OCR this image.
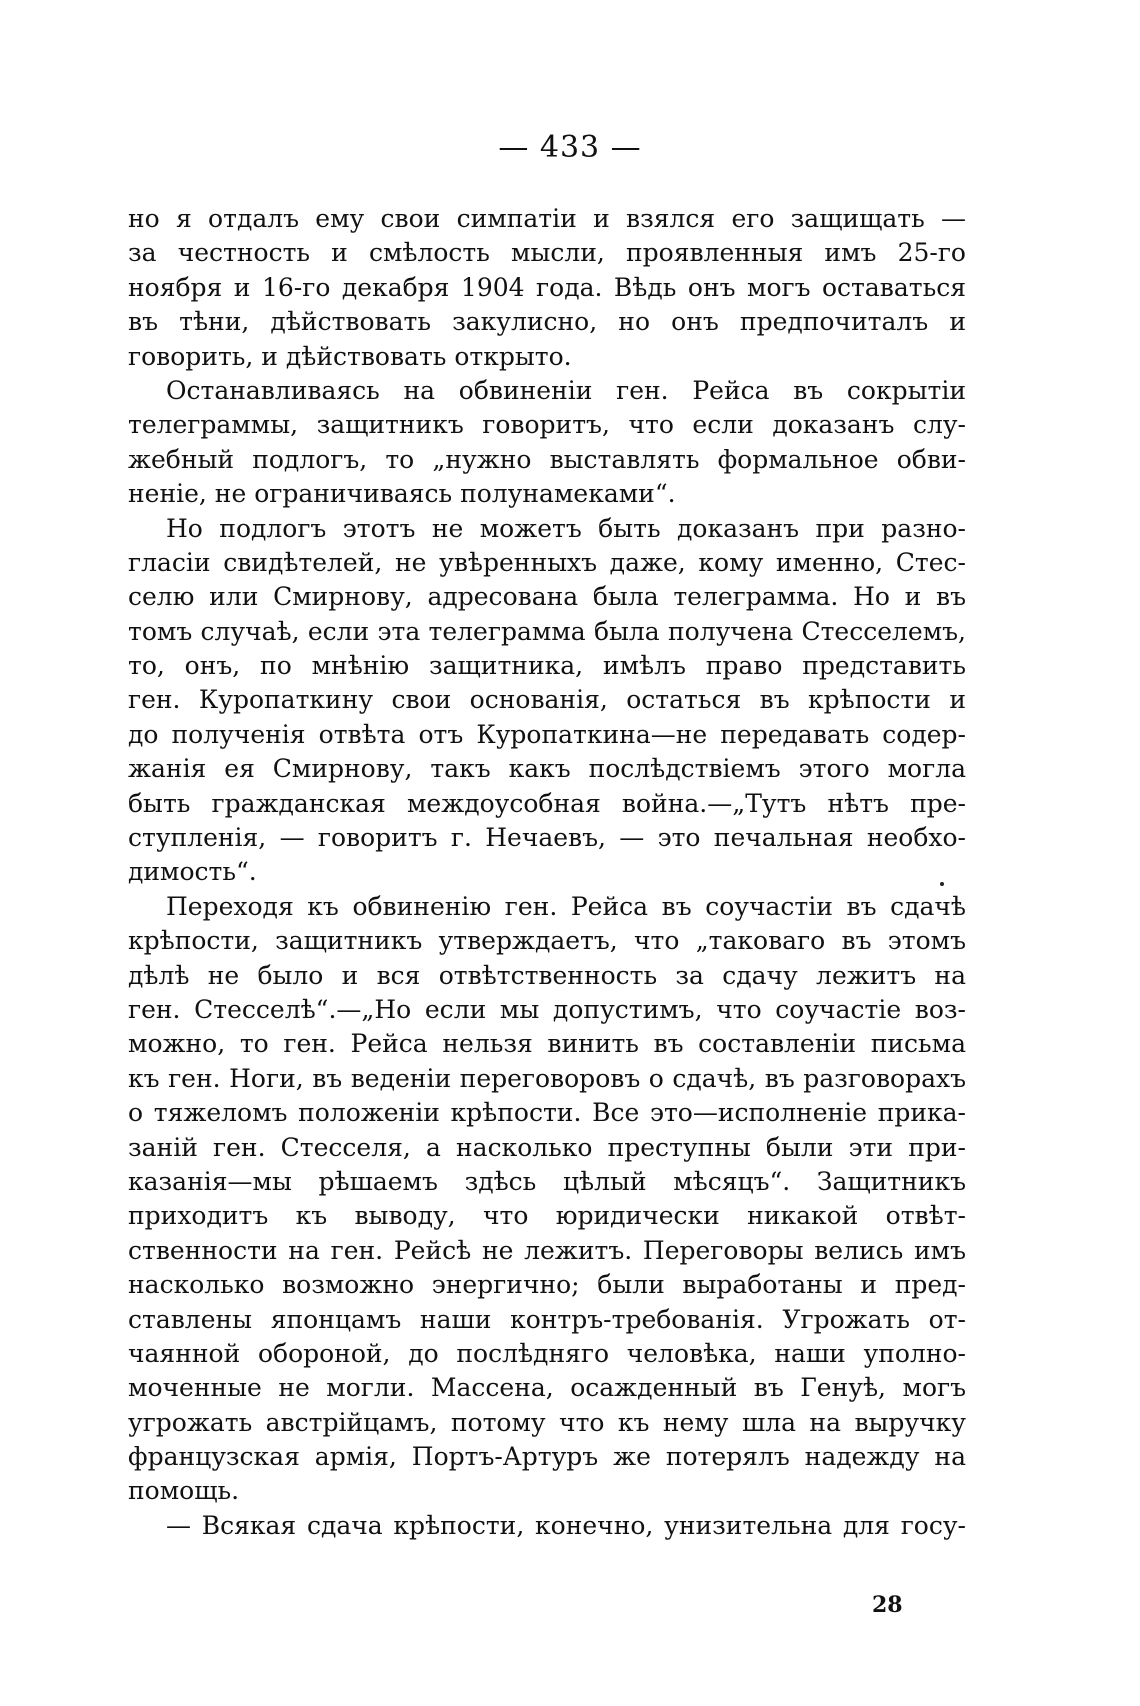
— 433 —
но я отдалъ ему свои симпатіи и взялся его защищать —
за честность и смѣлость мысли, проявленныя имъ 25-го
ноября и 16-го декабря 1904 года. Вѣдь онъ могъ оставаться
въ тѣни, дѣйствовать закулисно, но онъ предпочиталъ и
говорить, и дѣйствовать открыто.
Останавливаясь на обвиненіи ген. Рейса въ сокрытіи
телеграммы, защитникъ говоритъ, что если доказанъ слу-
жебный подлогъ, то „нужно выставлять формальное обви-
неніе, не ограничиваясь полунамеками“.
Но подлогъ этотъ не можетъ быть доказанъ при разно-
гласіи свидѣтелей, не увѣренныхъ даже, кому именно, Стес-
селю или Смирнову, адресована была телеграмма. Но и въ
томъ случаѣ, если эта телеграмма была получена Стесселемъ,
то, онъ, по мнѣнію защитника, имѣлъ право представить
ген. Куропаткину свои основанія, остаться въ крѣпости и
до полученія отвѣта отъ Куропаткина—не передавать содер-
жанія ея Смирнову, такъ какъ послѣдствіемъ этого могла
быть гражданская междоусобная война.—„Тутъ нѣтъ пре-
ступленія, — говоритъ г. Нечаевъ, — это печальная необхо-
димость“.
Переходя къ обвиненію ген. Рейса въ соучастіи въ сдачѣ
крѣпости, защитникъ утверждаетъ, что „таковаго въ этомъ
дѣлѣ не было и вся отвѣтственность за сдачу лежитъ на
ген. Стесселѣ“.—„Но если мы допустимъ, что соучастіе воз-
можно, то ген. Рейса нельзя винить въ составленіи письма
къ ген. Ноги, въ веденіи переговоровъ о сдачѣ, въ разговорахъ
о тяжеломъ положеніи крѣпости. Все это—исполненіе прика-
заній ген. Стесселя, а насколько преступны были эти при-
казанія—мы рѣшаемъ здѣсь цѣлый мѣсяцъ“. Защитникъ
приходитъ къ выводу, что юридически никакой отвѣт-
ственности на ген. Рейсѣ не лежитъ. Переговоры велись имъ
насколько возможно энергично; были выработаны и пред-
ставлены японцамъ наши контръ-требованія. Угрожать от-
чаянной обороной, до послѣдняго человѣка, наши уполно-
моченные не могли. Массена, осажденный въ Генуѣ, могъ
угрожать австрійцамъ, потому что къ нему шла на выручку
французская армія, Портъ-Артуръ же потерялъ надежду на
помощь.
— Всякая сдача крѣпости, конечно, унизительна для госу-
28
